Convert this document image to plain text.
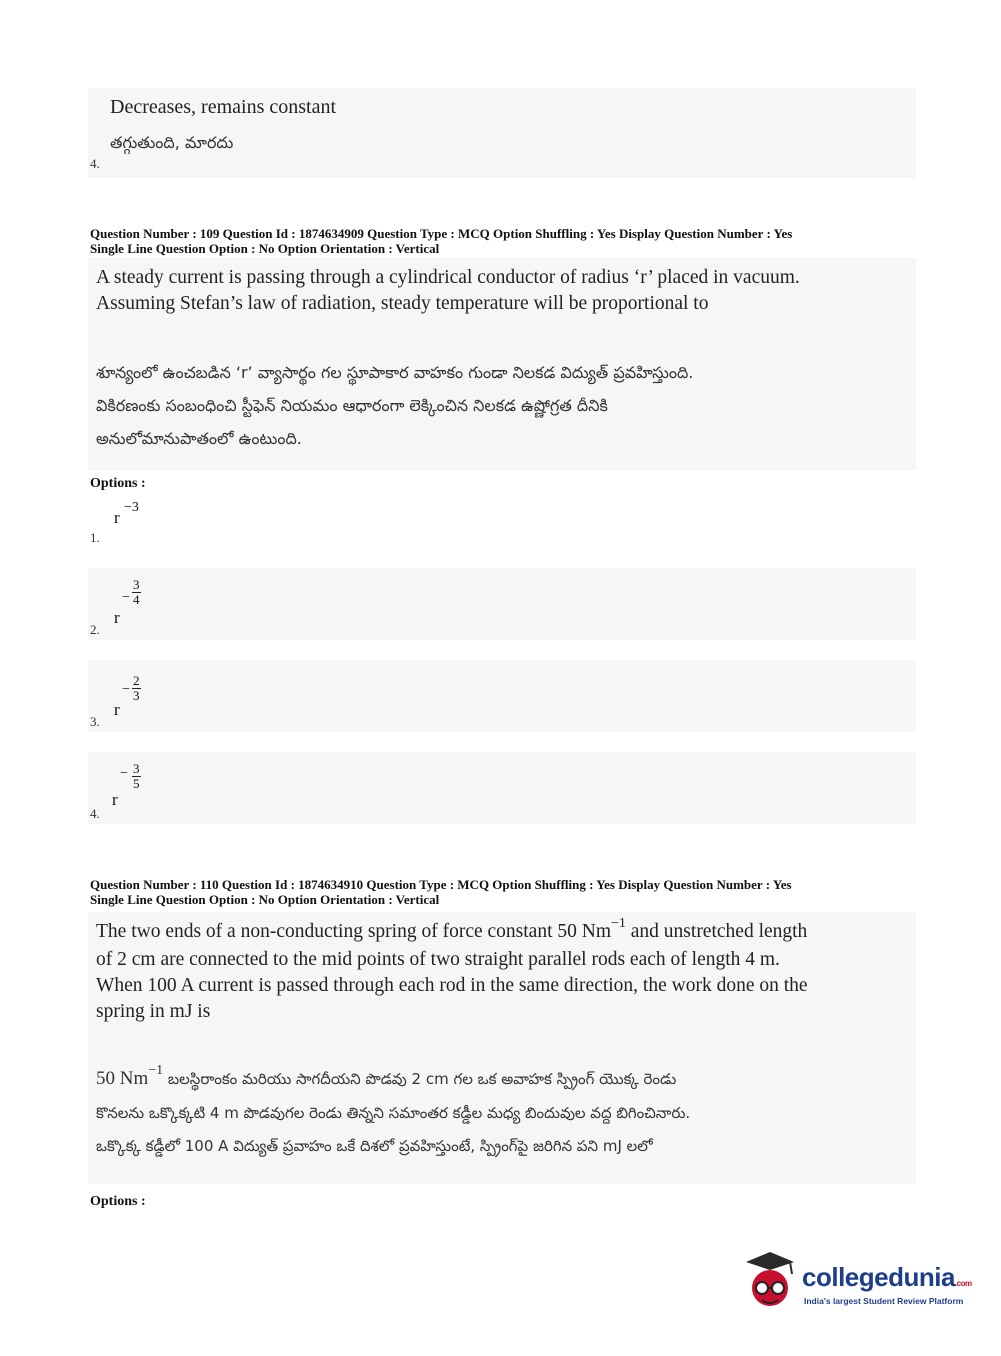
Decreases, remains constant
తగ్గుతుంది, మారదు
4.
Question Number : 109 Question Id : 1874634909 Question Type : MCQ Option Shuffling : Yes Display Question Number : Yes
Single Line Question Option : No Option Orientation : Vertical
A steady current is passing through a cylindrical conductor of radius ‘r’ placed in vacuum.
Assuming Stefan’s law of radiation, steady temperature will be proportional to
శూన్యంలో ఉంచబడిన ‘r’ వ్యాసార్థం గల స్థూపాకార వాహకం గుండా నిలకడ విద్యుత్ ప్రవహిస్తుంది.
వికిరణంకు సంబంధించి స్టీఫెన్ నియమం ఆధారంగా లెక్కించిన నిలకడ ఉష్ణోగ్రత దీనికి
అనులోమానుపాతంలో ఉంటుంది.
Options :
r
−3
1.
r
− $\frac{3}{4}$
2.
r
− $\frac{2}{3}$
3.
r
− $\frac{3}{5}$
4.
Question Number : 110 Question Id : 1874634910 Question Type : MCQ Option Shuffling : Yes Display Question Number : Yes
Single Line Question Option : No Option Orientation : Vertical
The two ends of a non-conducting spring of force constant 50 $Nm^{-1}$ and unstretched length
of 2 cm are connected to the mid points of two straight parallel rods each of length 4 m.
When 100 A current is passed through each rod in the same direction, the work done on the
spring in mJ is
50 Nm−1 బలస్థిరాంకం మరియు సాగదీయని పొడవు 2 cm గల ఒక అవాహక స్ప్రింగ్ యొక్క రెండు
కొనలను ఒక్కొక్కటి 4 m పొడవుగల రెండు తిన్నని సమాంతర కడ్డీల మధ్య బిందువుల వద్ద బిగించినారు.
ఒక్కొక్క కడ్డీలో 100 A విద్యుత్ ప్రవాహం ఒకే దిశలో ప్రవహిస్తుంటే, స్ప్రింగ్‌పై జరిగిన పని mJ లలో
Options :
collegedunia.com
India's largest Student Review Platform
